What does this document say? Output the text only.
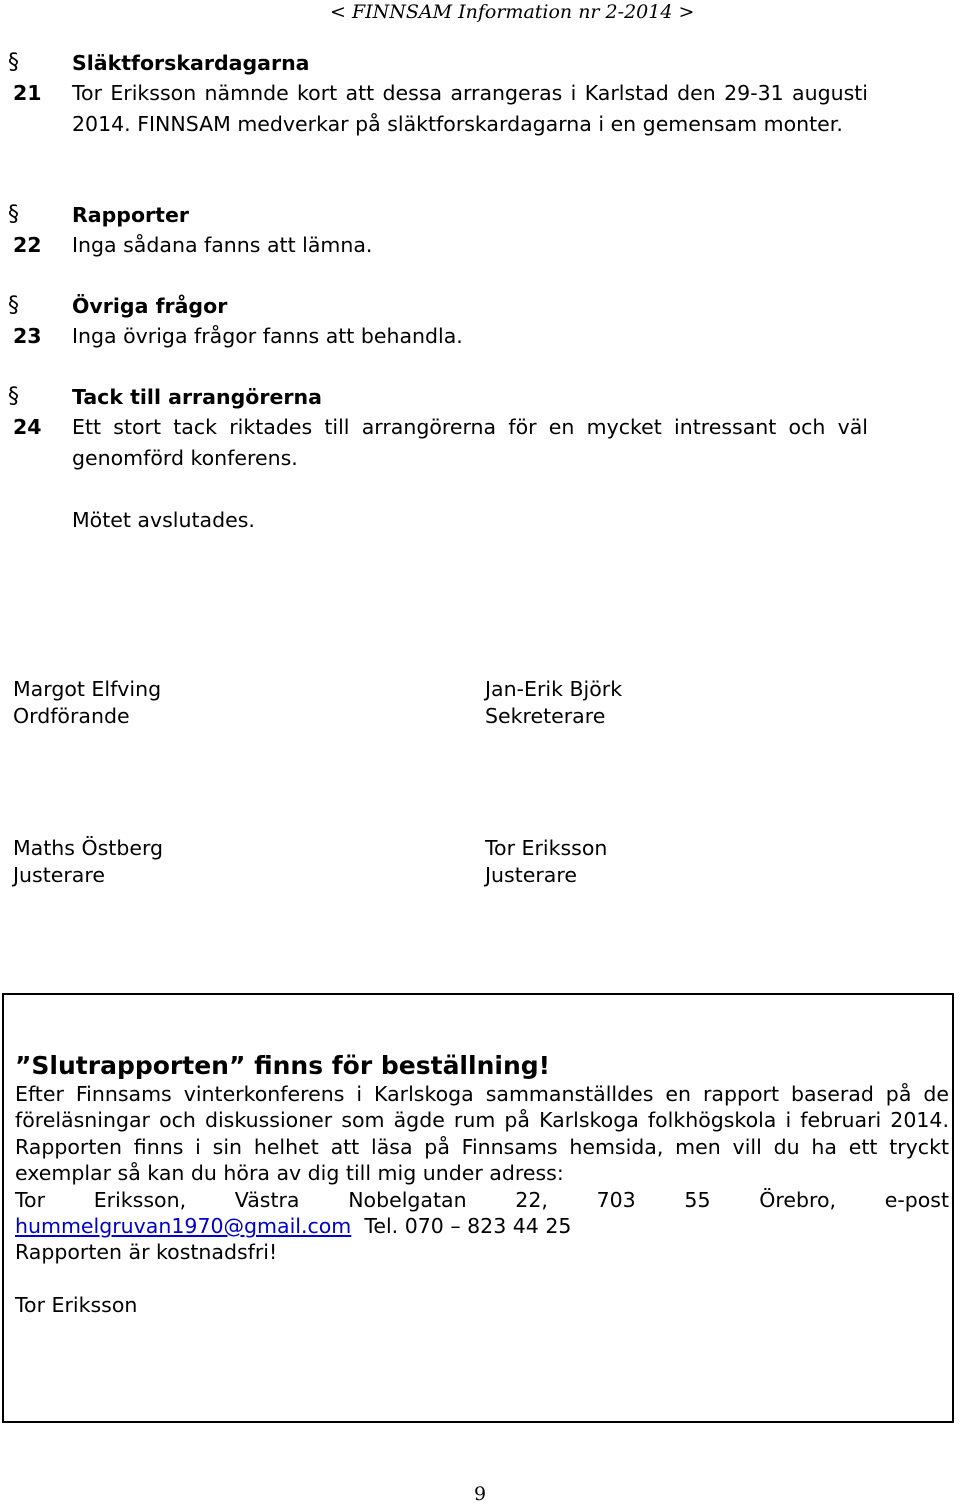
< FINNSAM Information nr 2-2014 >
§	Släktforskardagarna
21 Tor Eriksson nämnde kort att dessa arrangeras i Karlstad den 29-31 augusti 2014. FINNSAM medverkar på släktforskardagarna i en gemensam monter.
§	Rapporter
22 Inga sådana fanns att lämna.
§	Övriga frågor
23 Inga övriga frågor fanns att behandla.
§	Tack till arrangörerna
24 Ett stort tack riktades till arrangörerna för en mycket intressant och väl genomförd konferens.
Mötet avslutades.
Margot Elfving
Ordförande
Jan-Erik Björk
Sekreterare
Maths Östberg
Justerare
Tor Eriksson
Justerare
”Slutrapporten” finns för beställning!
Efter Finnsams vinterkonferens i Karlskoga sammanställdes en rapport baserad på de föreläsningar och diskussioner som ägde rum på Karlskoga folkhögskola i februari 2014. Rapporten finns i sin helhet att läsa på Finnsams hemsida, men vill du ha ett tryckt exemplar så kan du höra av dig till mig under adress:
Tor Eriksson, Västra Nobelgatan 22, 703 55 Örebro, e-post
hummelgruvan1970@gmail.com Tel. 070 – 823 44 25
Rapporten är kostnadsfri!
Tor Eriksson
9
